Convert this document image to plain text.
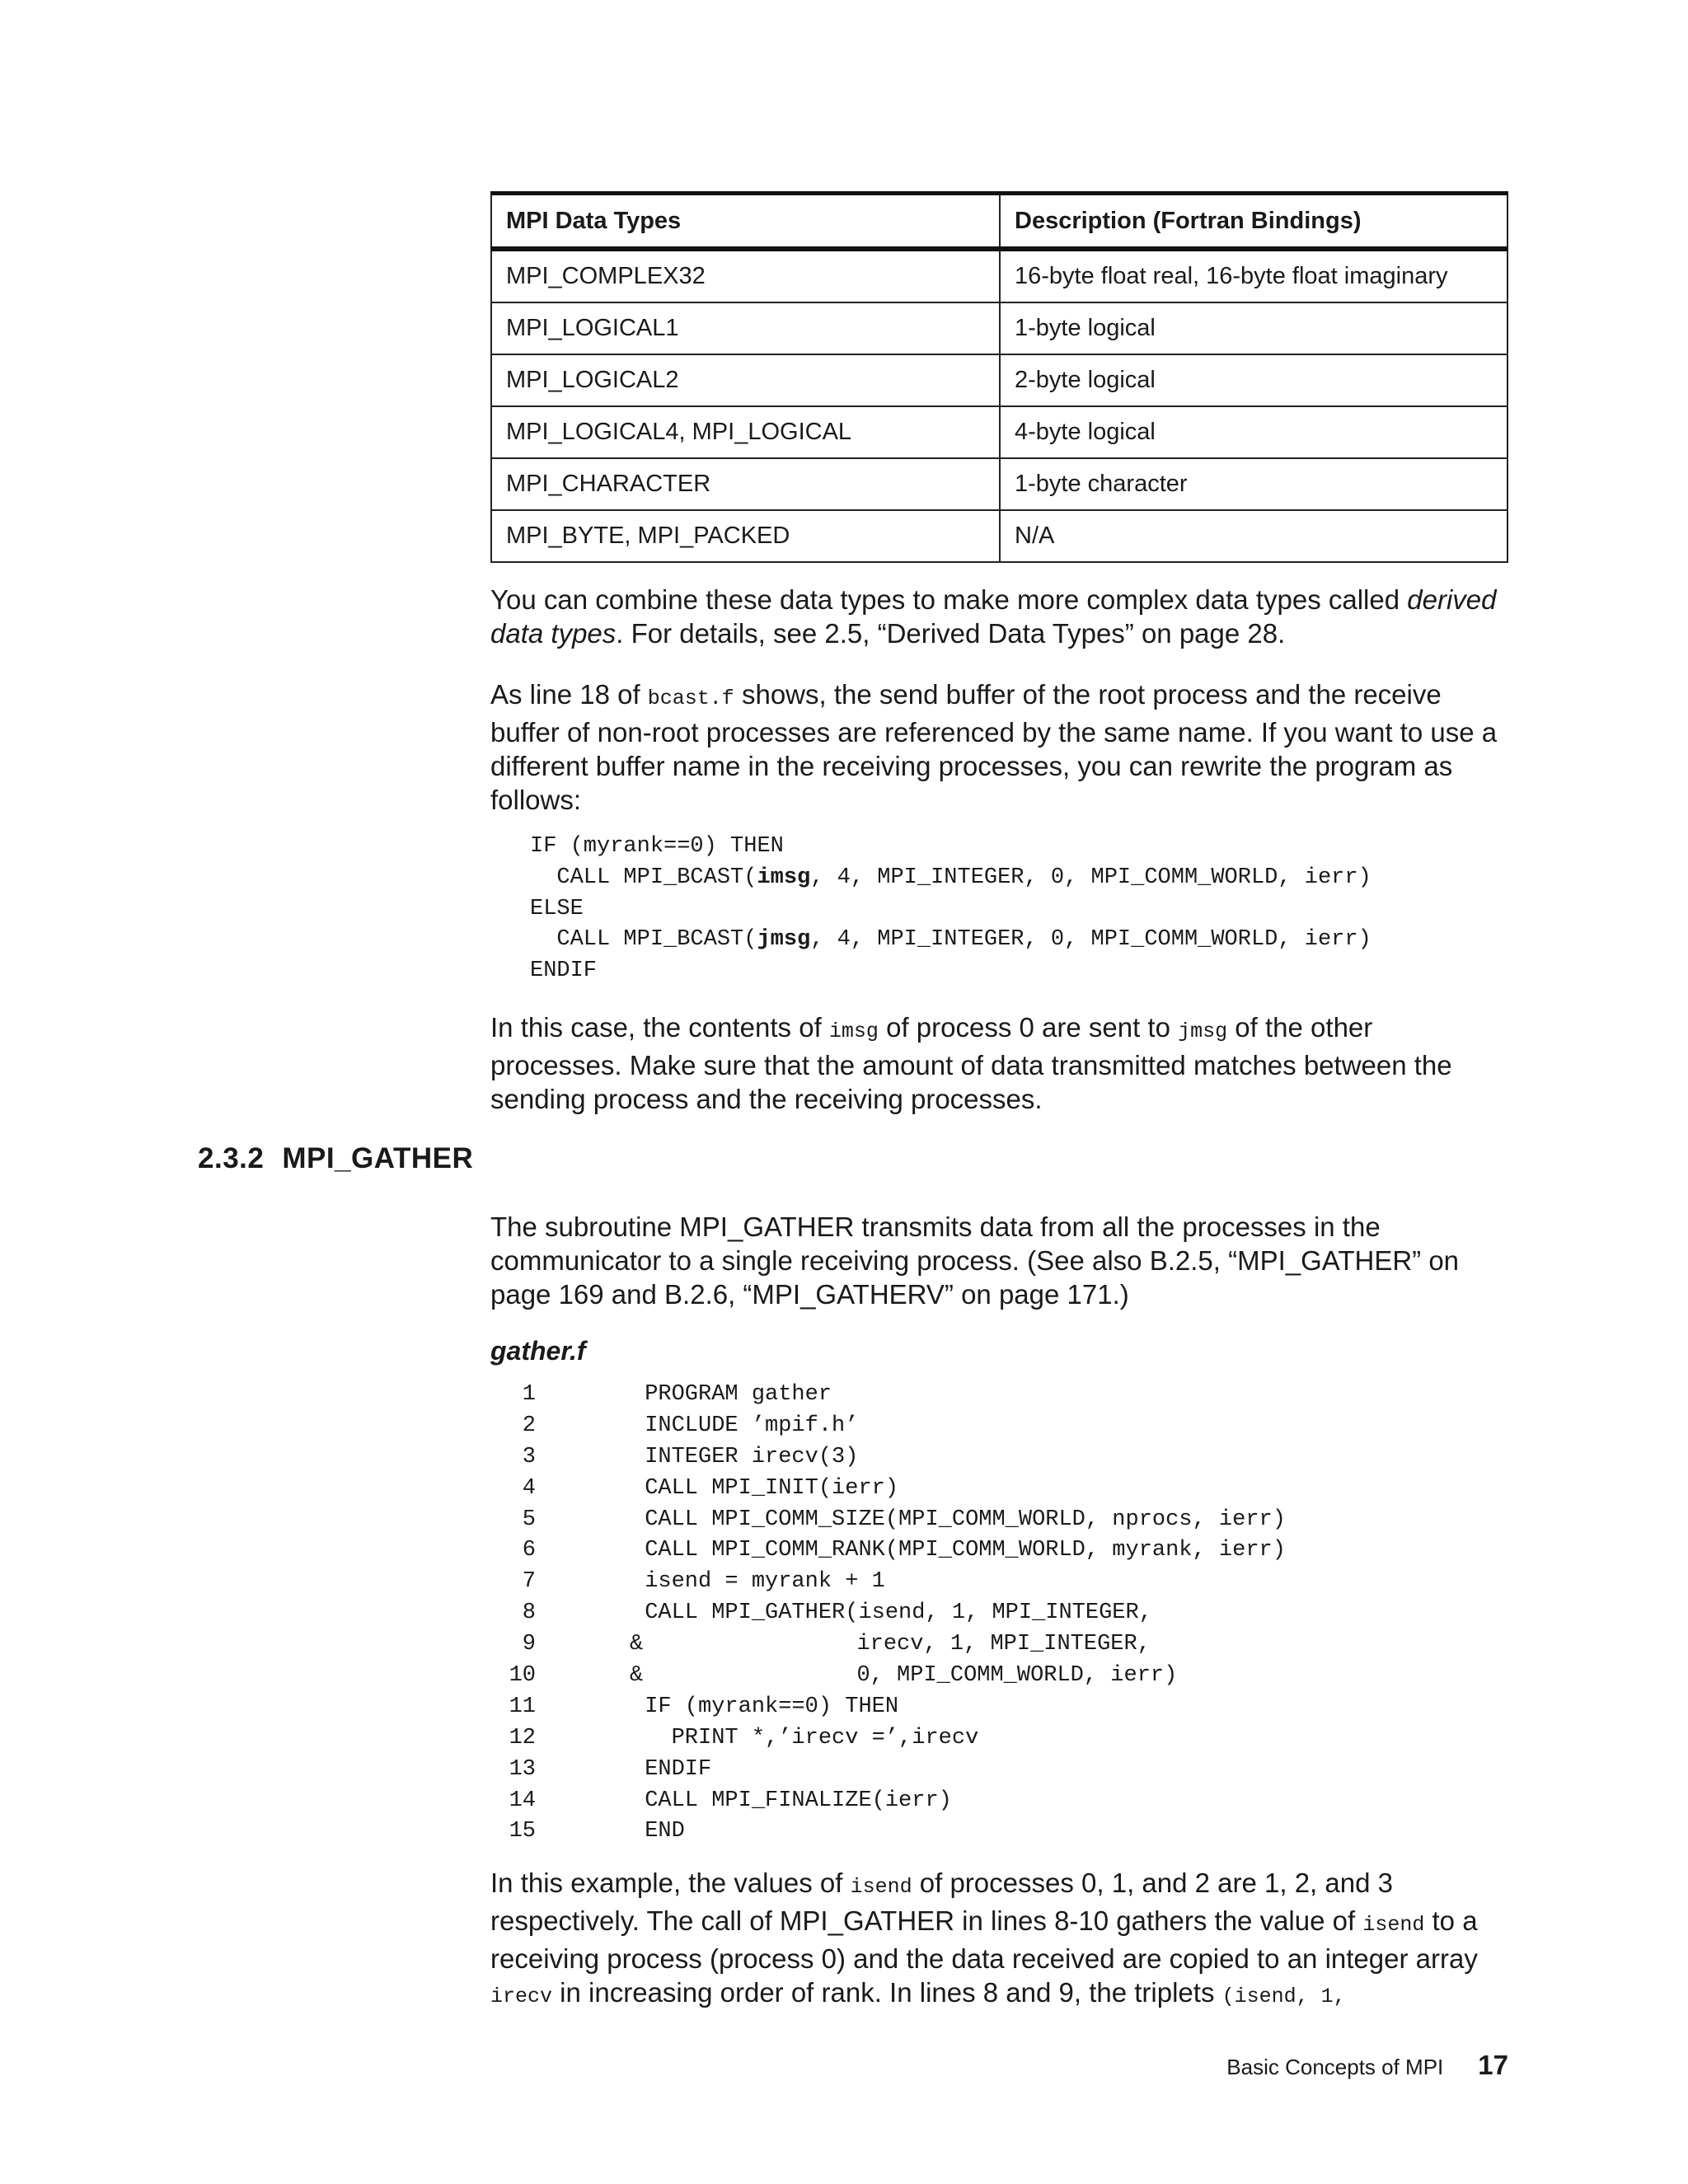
MPI Data Types	Description (Fortran Bindings)
MPI_COMPLEX32	16-byte float real, 16-byte float imaginary
MPI_LOGICAL1	1-byte logical
MPI_LOGICAL2	2-byte logical
MPI_LOGICAL4, MPI_LOGICAL	4-byte logical
MPI_CHARACTER	1-byte character
MPI_BYTE, MPI_PACKED	N/A

You can combine these data types to make more complex data types called derived data types. For details, see 2.5, “Derived Data Types” on page 28.

As line 18 of bcast.f shows, the send buffer of the root process and the receive buffer of non-root processes are referenced by the same name. If you want to use a different buffer name in the receiving processes, you can rewrite the program as follows:

IF (myrank==0) THEN
CALL MPI_BCAST(imsg, 4, MPI_INTEGER, 0, MPI_COMM_WORLD, ierr)
ELSE
CALL MPI_BCAST(jmsg, 4, MPI_INTEGER, 0, MPI_COMM_WORLD, ierr)
ENDIF

In this case, the contents of imsg of process 0 are sent to jmsg of the other processes. Make sure that the amount of data transmitted matches between the sending process and the receiving processes.

The subroutine MPI_GATHER transmits data from all the processes in the communicator to a single receiving process. (See also B.2.5, “MPI_GATHER” on page 169 and B.2.6, “MPI_GATHERV” on page 171.)

gather.f

1	PROGRAM gather
2	INCLUDE ’mpif.h’
3	INTEGER irecv(3)
4	CALL MPI_INIT(ierr)
5	CALL MPI_COMM_SIZE(MPI_COMM_WORLD, nprocs, ierr)
6	CALL MPI_COMM_RANK(MPI_COMM_WORLD, myrank, ierr)
7	isend = myrank + 1
8	CALL MPI_GATHER(isend, 1, MPI_INTEGER,
9	&                irecv, 1, MPI_INTEGER,
10	&                0, MPI_COMM_WORLD, ierr)
11	IF (myrank==0) THEN
12	PRINT *,’irecv =’,irecv
13	ENDIF
14	CALL MPI_FINALIZE(ierr)
15	END

In this example, the values of isend of processes 0, 1, and 2 are 1, 2, and 3 respectively. The call of MPI_GATHER in lines 8-10 gathers the value of isend to a receiving process (process 0) and the data received are copied to an integer array irecv in increasing order of rank. In lines 8 and 9, the triplets (isend, 1,

2.3.2 MPI_GATHER
Basic Concepts of MPI 17
